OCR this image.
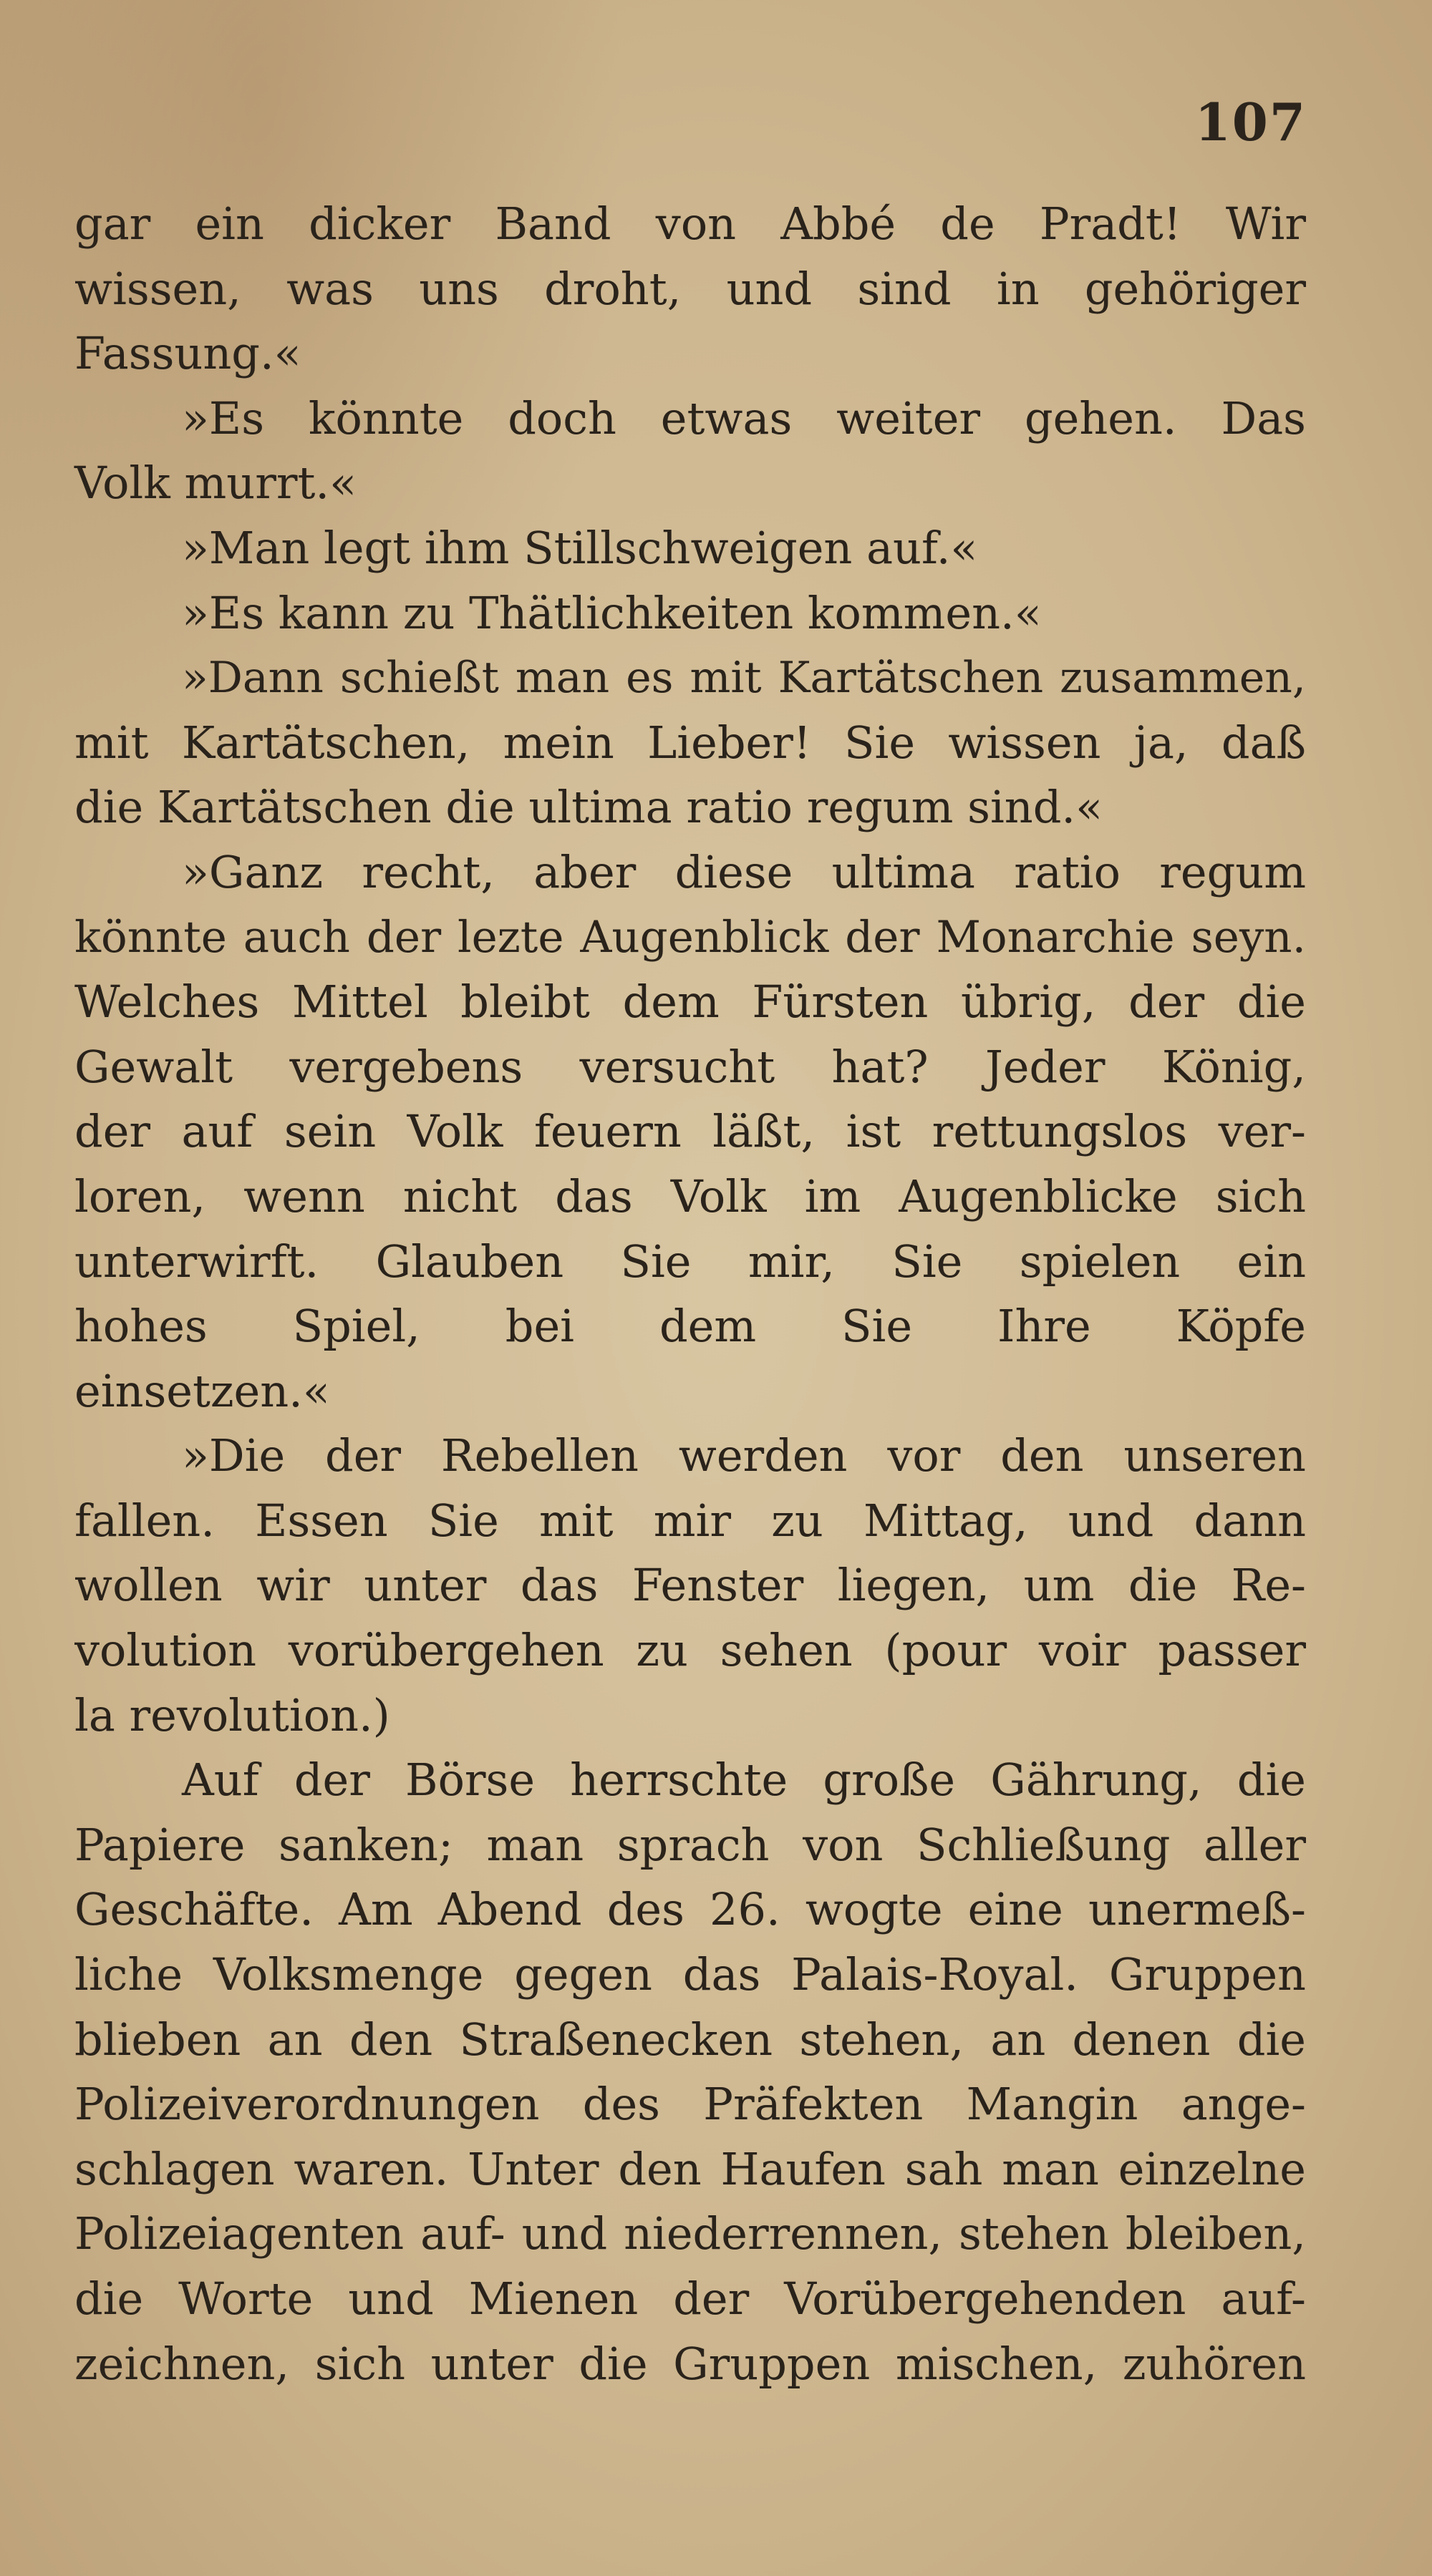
107
gar ein dicker Band von Abbé de Pradt! Wir
wissen, was uns droht, und sind in gehöriger
Fassung.«
»Es könnte doch etwas weiter gehen. Das
Volk murrt.«
»Man legt ihm Stillschweigen auf.«
»Es kann zu Thätlichkeiten kommen.«
»Dann schießt man es mit Kartätschen zusammen,
mit Kartätschen, mein Lieber! Sie wissen ja, daß
die Kartätschen die ultima ratio regum sind.«
»Ganz recht, aber diese ultima ratio regum
könnte auch der lezte Augenblick der Monarchie seyn.
Welches Mittel bleibt dem Fürsten übrig, der die
Gewalt vergebens versucht hat? Jeder König,
der auf sein Volk feuern läßt, ist rettungslos ver-
loren, wenn nicht das Volk im Augenblicke sich
unterwirft. Glauben Sie mir, Sie spielen ein
hohes Spiel, bei dem Sie Ihre Köpfe
einsetzen.«
»Die der Rebellen werden vor den unseren
fallen. Essen Sie mit mir zu Mittag, und dann
wollen wir unter das Fenster liegen, um die Re-
volution vorübergehen zu sehen (pour voir passer
la revolution.)
Auf der Börse herrschte große Gährung, die
Papiere sanken; man sprach von Schließung aller
Geschäfte. Am Abend des 26. wogte eine unermeß-
liche Volksmenge gegen das Palais-Royal. Gruppen
blieben an den Straßenecken stehen, an denen die
Polizeiverordnungen des Präfekten Mangin ange-
schlagen waren. Unter den Haufen sah man einzelne
Polizeiagenten auf- und niederrennen, stehen bleiben,
die Worte und Mienen der Vorübergehenden auf-
zeichnen, sich unter die Gruppen mischen, zuhören
